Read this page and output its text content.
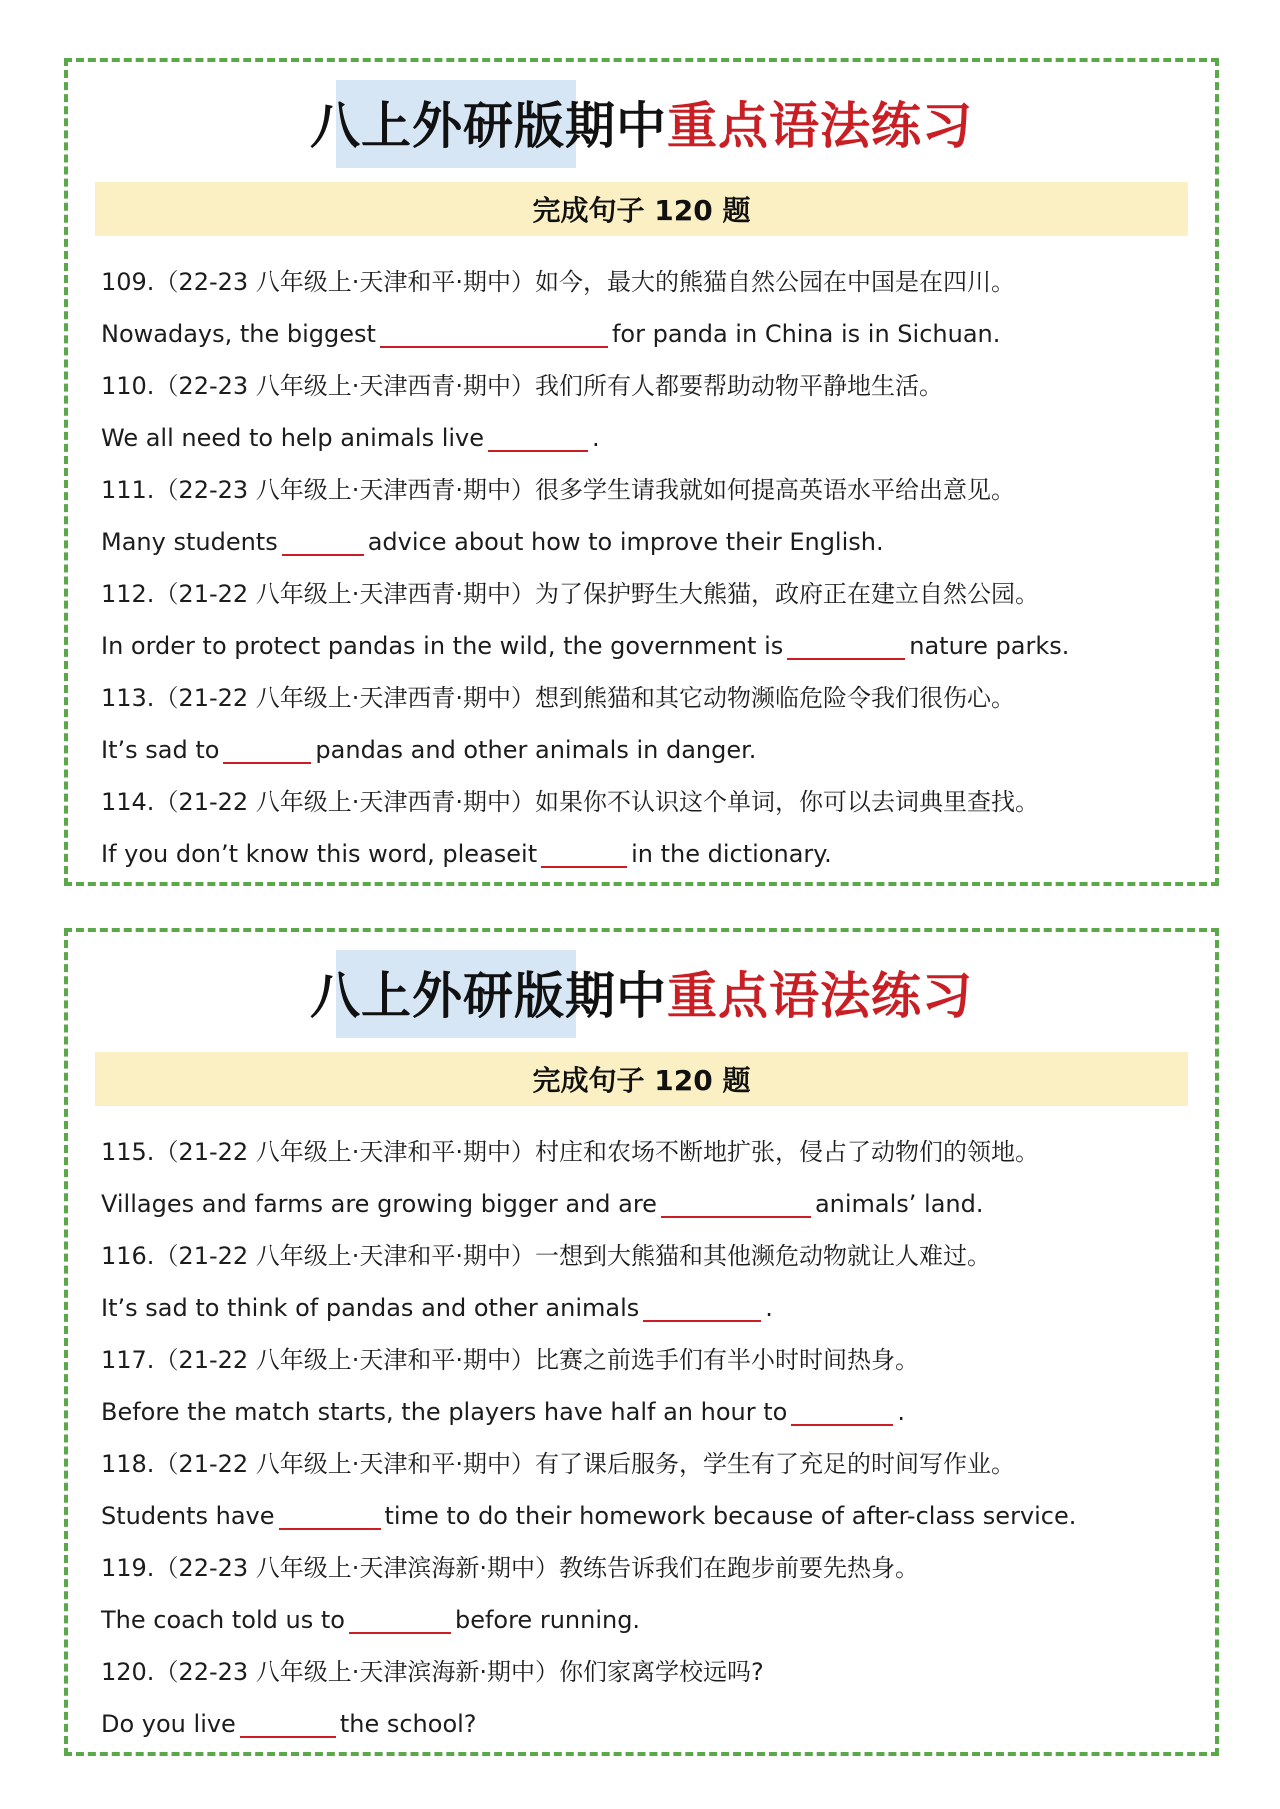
八上外研版期中重点语法练习
完成句子 120 题
109.（22-23 八年级上·天津和平·期中）如今，最大的熊猫自然公园在中国是在四川。
Nowadays, the biggest	for panda in China is in Sichuan.
110.（22-23 八年级上·天津西青·期中）我们所有人都要帮助动物平静地生活。
We all need to help animals live	.
111.（22-23 八年级上·天津西青·期中）很多学生请我就如何提高英语水平给出意见。
Many students	advice about how to improve their English.
112.（21-22 八年级上·天津西青·期中）为了保护野生大熊猫，政府正在建立自然公园。
In order to protect pandas in the wild, the government is	nature parks.
113.（21-22 八年级上·天津西青·期中）想到熊猫和其它动物濒临危险令我们很伤心。
It’s sad to	pandas and other animals in danger.
114.（21-22 八年级上·天津西青·期中）如果你不认识这个单词，你可以去词典里查找。
If you don’t know this word, pleaseit	in the dictionary.
八上外研版期中重点语法练习
完成句子 120 题
115.（21-22 八年级上·天津和平·期中）村庄和农场不断地扩张，侵占了动物们的领地。
Villages and farms are growing bigger and are	animals’ land.
116.（21-22 八年级上·天津和平·期中）一想到大熊猫和其他濒危动物就让人难过。
It’s sad to think of pandas and other animals	.
117.（21-22 八年级上·天津和平·期中）比赛之前选手们有半小时时间热身。
Before the match starts, the players have half an hour to	.
118.（21-22 八年级上·天津和平·期中）有了课后服务，学生有了充足的时间写作业。
Students have	time to do their homework because of after-class service.
119.（22-23 八年级上·天津滨海新·期中）教练告诉我们在跑步前要先热身。
The coach told us to	before running.
120.（22-23 八年级上·天津滨海新·期中）你们家离学校远吗?
Do you live	the school?
